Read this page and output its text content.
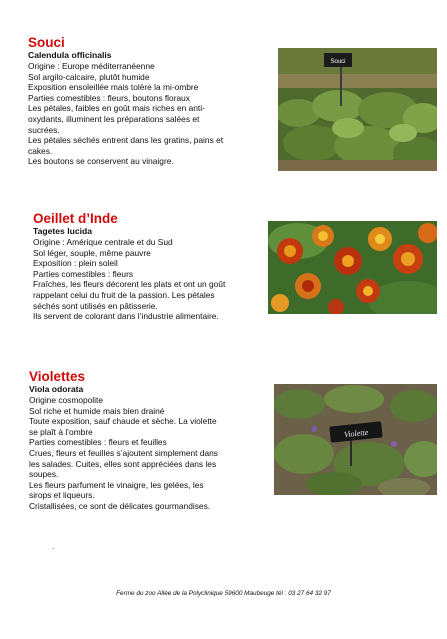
Souci
Calendula officinalis
Origine : Europe méditerranéenne
Sol argilo-calcaire, plutôt humide
Exposition ensoleillée mais tolère la mi-ombre
Parties comestibles : fleurs, boutons floraux
Les pétales, faibles en goût mais riches en anti-
oxydants, illuminent les préparations salées et
sucrées.
Les pétales séchés entrent dans les gratins, pains et
cakes.
Les boutons se conservent au vinaigre.
Souci
Oeillet d’Inde
Tagetes lucida
Origine : Amérique centrale et du Sud
Sol léger, souple, même pauvre
Exposition : plein soleil
Parties comestibles : fleurs
Fraîches, les fleurs décorent les plats et ont un goût
rappelant celui du fruit de la passion. Les pétales
séchés sont utilisés en pâtisserie.
Ils servent de colorant dans l’industrie alimentaire.
Violettes
Viola odorata
Origine cosmopolite
Sol riche et humide mais bien drainé
Toute exposition, sauf chaude et sèche. La violette
se plaît à l’ombre
Parties comestibles : fleurs et feuilles
Crues, fleurs et feuilles s’ajoutent simplement dans
les salades. Cuites, elles sont appréciées dans les
soupes.
Les fleurs parfument le vinaigre, les gelées, les
sirops et liqueurs.
Cristallisées, ce sont de délicates gourmandises.
Violette
.
Ferme du zoo Allée de la Polyclinique 59600 Maubeuge tél : 03 27 64 32 97
